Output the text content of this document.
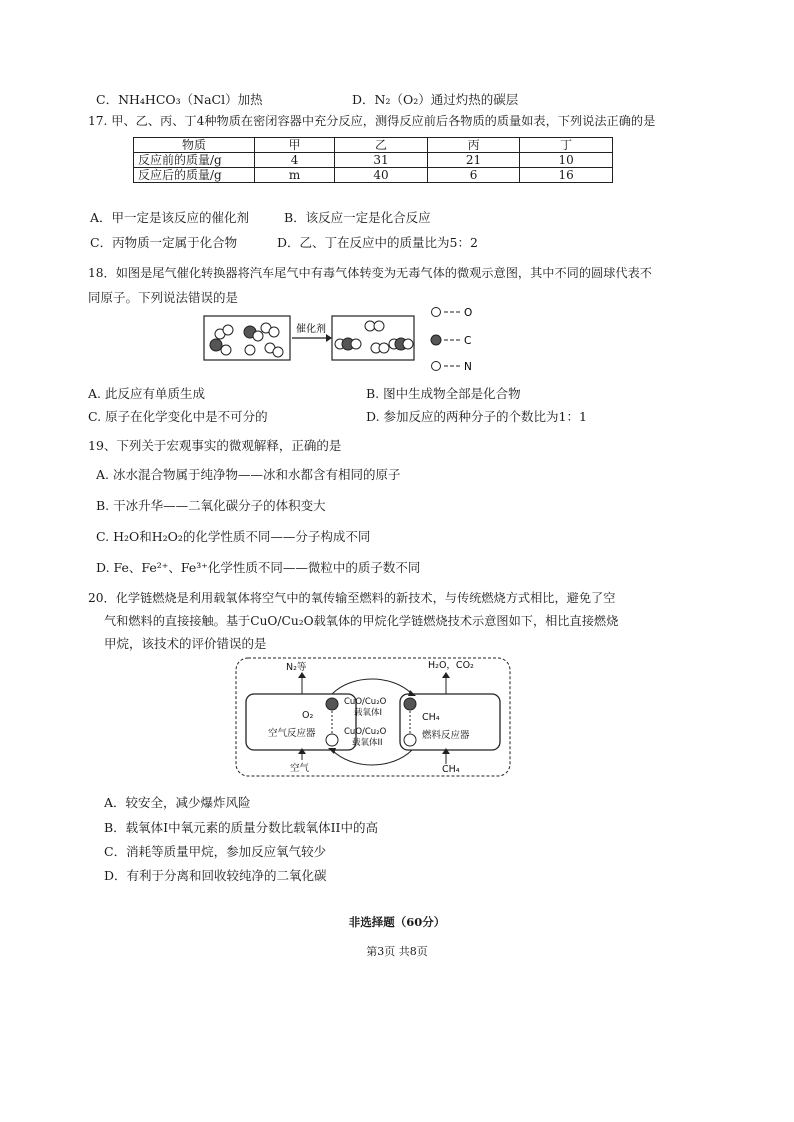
C．NH₄HCO₃（NaCl）加热	D．N₂（O₂）通过灼热的碳层
17. 甲、乙、丙、丁4种物质在密闭容器中充分反应，测得反应前后各物质的质量如表，下列说法正确的是
物质	甲	乙	丙	丁
反应前的质量/g	4	31	21	10
反应后的质量/g	m	40	6	16
A．甲一定是该反应的催化剂	B．该反应一定是化合反应
C．丙物质一定属于化合物	D．乙、丁在反应中的质量比为5：2
18．如图是尾气催化转换器将汽车尾气中有毒气体转变为无毒气体的微观示意图，其中不同的圆球代表不
同原子。下列说法错误的是
催化剂
O
C
N
A. 此反应有单质生成	B. 图中生成物全部是化合物
C. 原子在化学变化中是不可分的	D. 参加反应的两种分子的个数比为1：1
19、下列关于宏观事实的微观解释，正确的是
A. 冰水混合物属于纯净物——冰和水都含有相同的原子
B. 干冰升华——二氧化碳分子的体积变大
C. H₂O和H₂O₂的化学性质不同——分子构成不同
D. Fe、Fe²⁺、Fe³⁺化学性质不同——微粒中的质子数不同
20．化学链燃烧是利用载氧体将空气中的氧传输至燃料的新技术，与传统燃烧方式相比，避免了空
气和燃料的直接接触。基于CuO/Cu₂O载氧体的甲烷化学链燃烧技术示意图如下，相比直接燃烧
甲烷，该技术的评价错误的是
N₂等	H₂O，CO₂
O₂	CH₄
CuO/Cu₂O
载氧体I
CuO/Cu₂O
载氧体II
空气反应器	燃料反应器
空气	CH₄
A．较安全，减少爆炸风险
B．载氧体I中氧元素的质量分数比载氧体II中的高
C．消耗等质量甲烷，参加反应氧气较少
D．有利于分离和回收较纯净的二氧化碳
非选择题（60分）
第3页 共8页
